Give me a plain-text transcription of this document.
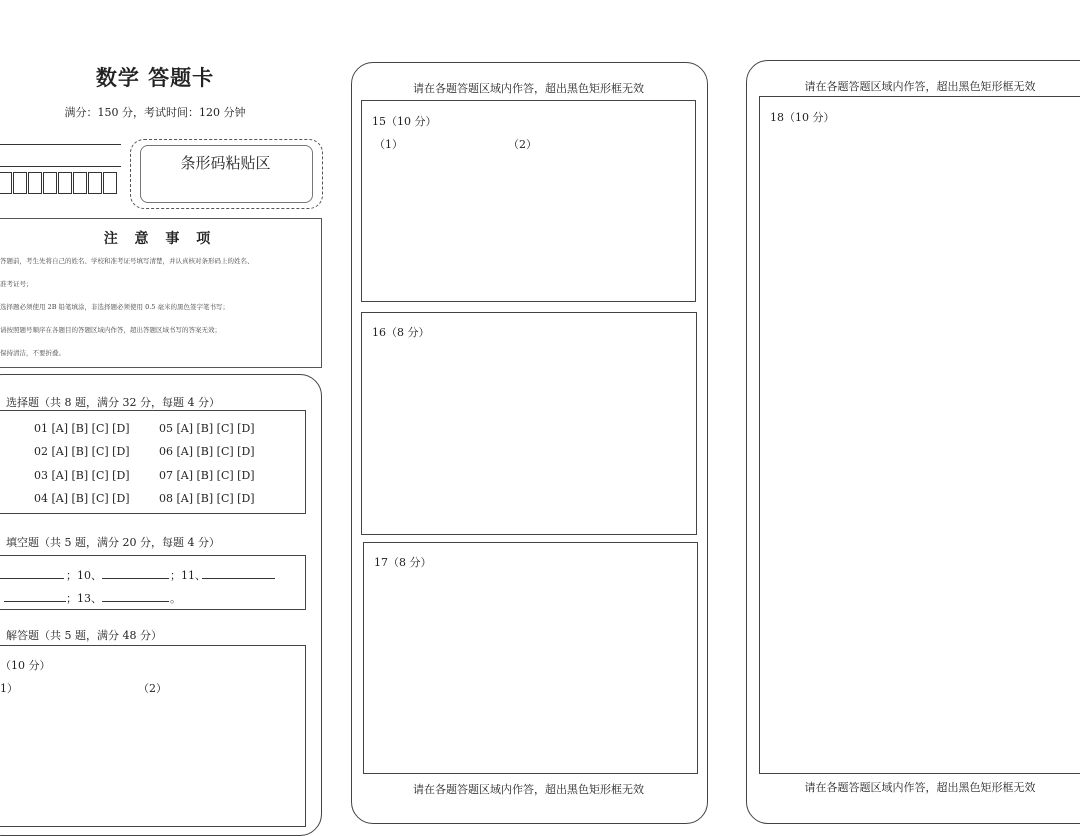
数学 答题卡
满分：150 分，考试时间：120 分钟
条形码粘贴区
注 意 事 项
答题前，考生先将自己的姓名、学校和准考证号填写清楚，并认真核对条形码上的姓名、
准考证号；
选择题必须使用 2B 铅笔填涂，非选择题必须使用 0.5 毫米的黑色签字笔书写；
请按照题号顺序在各题目的答题区域内作答，超出答题区域书写的答案无效；
保持清洁，不要折叠。
选择题（共 8 题，满分 32 分，每题 4 分）
01 [A] [B] [C] [D]	05 [A] [B] [C] [D]
02 [A] [B] [C] [D]	06 [A] [B] [C] [D]
03 [A] [B] [C] [D]	07 [A] [B] [C] [D]
04 [A] [B] [C] [D]	08 [A] [B] [C] [D]
填空题（共 5 题，满分 20 分，每题 4 分）
；10、	；11、
；13、	。
解答题（共 5 题，满分 48 分）
（10 分）
1）	（2）
请在各题答题区域内作答，超出黑色矩形框无效
15（10 分）
（1）	（2）
16（8 分）
17（8 分）
请在各题答题区域内作答，超出黑色矩形框无效
请在各题答题区域内作答，超出黑色矩形框无效
18（10 分）
请在各题答题区域内作答，超出黑色矩形框无效
